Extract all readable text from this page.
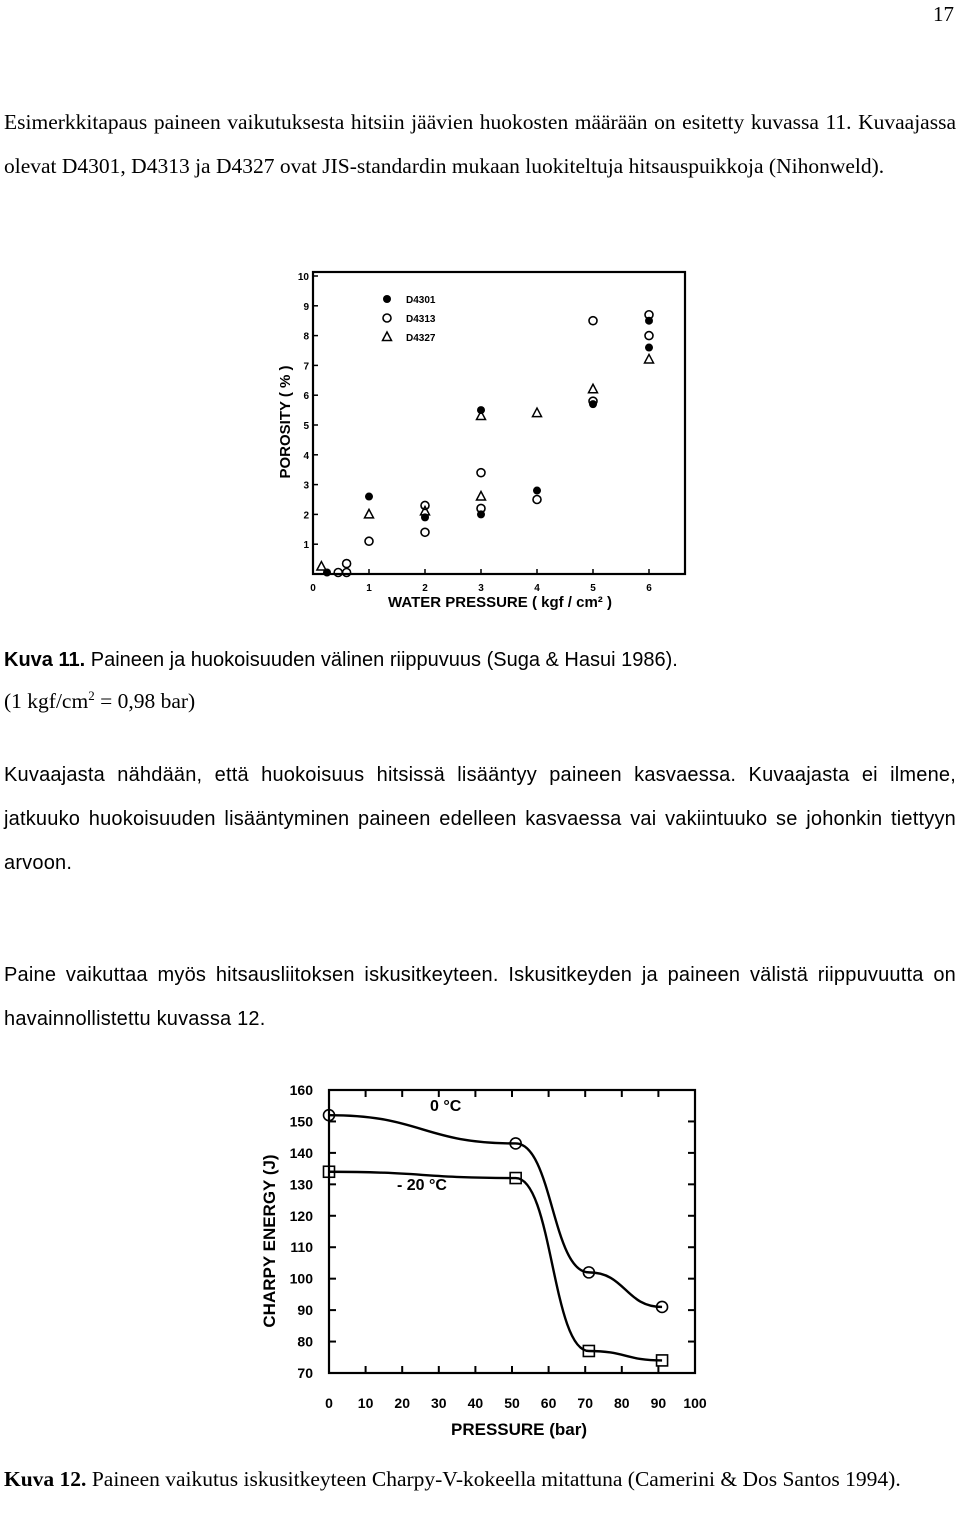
17

Esimerkkitapaus paineen vaikutuksesta hitsiin jäävien huokosten määrään on esitetty kuvassa 11. Kuvaajassa olevat D4301, D4313 ja D4327 ovat JIS-standardin mukaan luokiteltuja hitsauspuikkoja (Nihonweld).

0	1	2	3	4	5	6
1
2
3
4
5
6
7
8
9
10
D4301
D4313
D4327
POROSITY ( % )
WATER PRESSURE ( kgf / cm² )

Kuva 11. Paineen ja huokoisuuden välinen riippuvuus (Suga & Hasui 1986).

(1 kgf/$cm^2 = 0,98$ bar)

Kuvaajasta nähdään, että huokoisuus hitsissä lisääntyy paineen kasvaessa. Kuvaajasta ei ilmene, jatkuuko huokoisuuden lisääntyminen paineen edelleen kasvaessa vai vakiintuuko se johonkin tiettyyn arvoon.

Paine vaikuttaa myös hitsausliitoksen iskusitkeyteen. Iskusitkeyden ja paineen välistä riippuvuutta on havainnollistettu kuvassa 12.

0 10 20 30 40 50 60 70 80 90 100
70
80
90
100
110
120
130
140
150
160
0 °C
- 20 °C
CHARPY ENERGY (J)
PRESSURE (bar)

Kuva 12. Paineen vaikutus iskusitkeyteen Charpy-V-kokeella mitattuna (Camerini & Dos Santos 1994).
